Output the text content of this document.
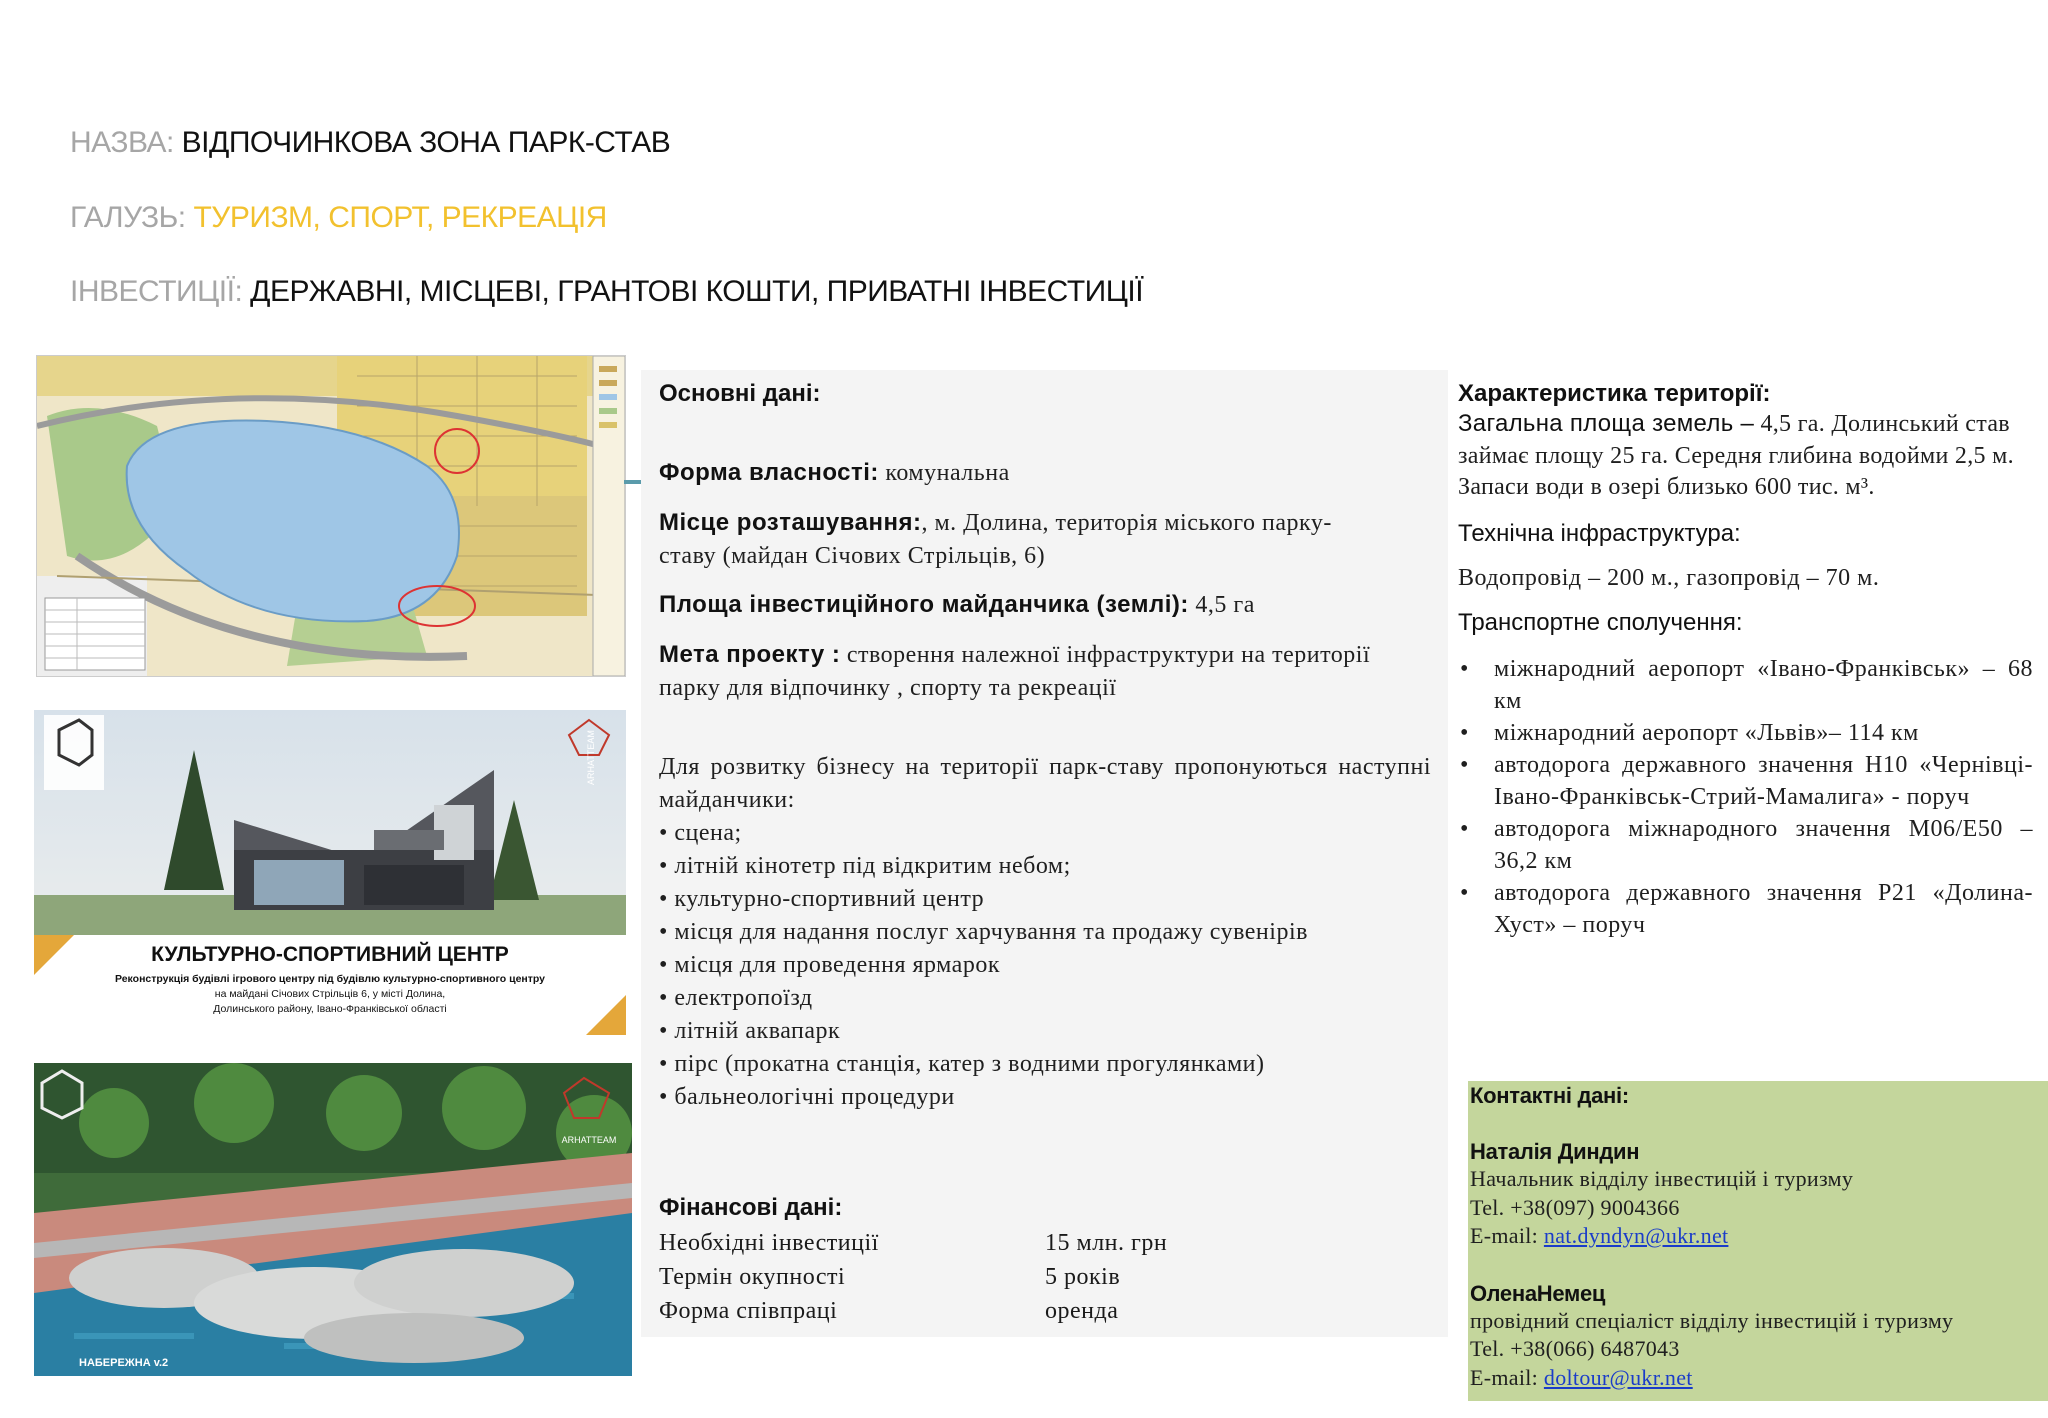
НАЗВА: ВІДПОЧИНКОВА ЗОНА ПАРК-СТАВ
ГАЛУЗЬ: ТУРИЗМ, СПОРТ, РЕКРЕАЦІЯ
ІНВЕСТИЦІЇ: ДЕРЖАВНІ, МІСЦЕВІ, ГРАНТОВІ КОШТИ, ПРИВАТНІ ІНВЕСТИЦІЇ
ARHATTEAM
КУЛЬТУРНО-СПОРТИВНИЙ ЦЕНТР
Реконструкція будівлі ігрового центру під будівлю культурно-спортивного центру
на майдані Січових Стрільців 6, у місті Долина,
Долинського району, Івано-Франківської області
НАБЕРЕЖНА v.2
ARHATTEAM

Основні дані:

Форма власності: комунальна

Місце розташування:, м. Долина, територія міського парку-ставу (майдан Січових Стрільців, 6)

Площа інвестиційного майданчика (землі): 4,5 га

Мета проекту : створення належної інфраструктури на території парку для відпочинку , спорту та рекреації

Для розвитку бізнесу на території парк-ставу пропонуються наступні майданчики:

• сцена;

• літній кінотетр під відкритим небом;

• культурно-спортивний центр

• місця для надання послуг харчування та продажу сувенірів

• місця для проведення ярмарок

• електропоїзд

• літній аквапарк

• пірс (прокатна станція, катер з водними прогулянками)

• бальнеологічні процедури

Фінансові дані:

Необхідні інвестиції	15 млн. грн
Термін окупності	5 років
Форма співпраці	оренда

Характеристика території:

Загальна площа земель – 4,5 га. Долинський став займає площу 25 га. Середня глибина водойми 2,5 м. Запаси води в озері близько 600 тис. м³.

Технічна інфраструктура:

Водопровід – 200 м., газопровід – 70 м.

Транспортне сполучення:

• міжнародний аеропорт «Івано-Франківськ» – 68 км
• міжнародний аеропорт «Львів»– 114 км
• автодорога державного значення Н10 «Чернівці-Івано-Франківськ-Стрий-Мамалига» - поруч
• автодорога міжнародного значення М06/Е50 – 36,2 км
• автодорога державного значення Р21 «Долина-Хуст» – поруч

Контактні дані:

Наталія Диндин

Начальник відділу інвестицій і туризму

Tel. +38(097) 9004366

E-mail: nat.dyndyn@ukr.net

ОленаНемец

провідний спеціаліст відділу інвестицій і туризму

Tel. +38(066) 6487043

E-mail: doltour@ukr.net
